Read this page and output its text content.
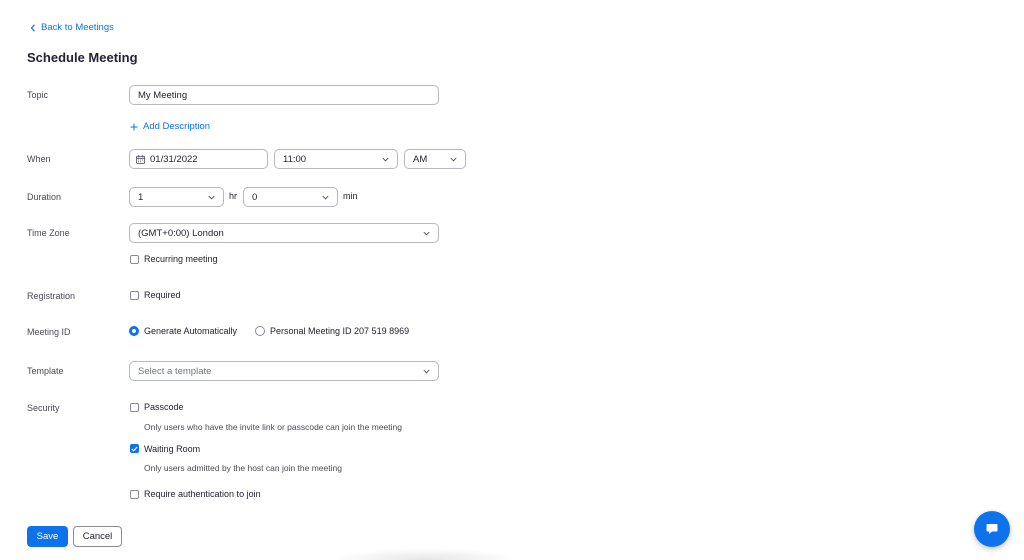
Back to Meetings
Schedule Meeting
Topic	My Meeting
Add Description
When	01/31/2022	11:00	AM
Duration	1	hr 0	min
Time Zone	(GMT+0:00) London
Recurring meeting
Registration	Required
Meeting ID	Generate Automatically	Personal Meeting ID 207 519 8969
Template	Select a template
Security	Passcode
Only users who have the invite link or passcode can join the meeting
Waiting Room
Only users admitted by the host can join the meeting
Require authentication to join
Save	Cancel
